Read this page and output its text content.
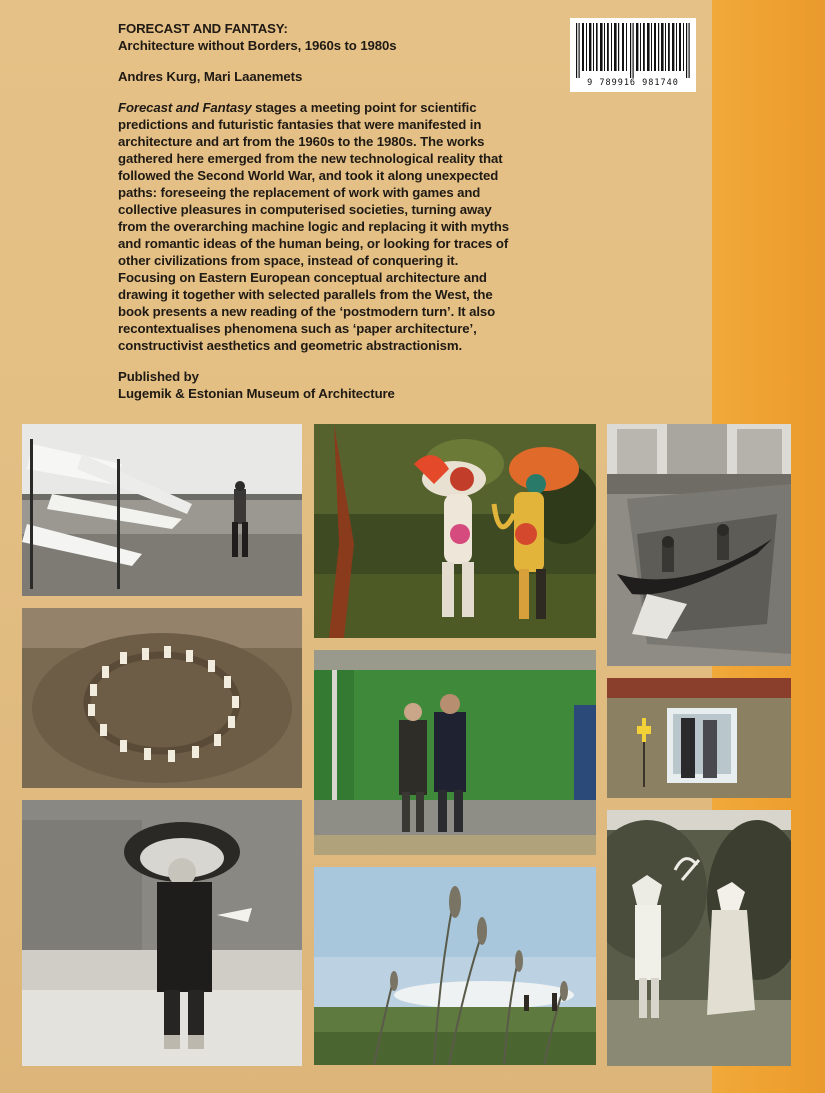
FORECAST AND FANTASY:

Architecture without Borders, 1960s to 1980s

Andres Kurg, Mari Laanemets

Forecast and Fantasy stages a meeting point for scientific predictions and futuristic fantasies that were manifested in architecture and art from the 1960s to the 1980s. The works gathered here emerged from the new technological reality that followed the Second World War, and took it along unexpected paths: foreseeing the replacement of work with games and collective pleasures in computerised societies, turning away from the overarching machine logic and replacing it with myths and romantic ideas of the human being, or looking for traces of other civilizations from space, instead of conquering it. Focusing on Eastern European conceptual architecture and drawing it together with selected parallels from the West, the book presents a new reading of the ‘postmodern turn’. It also recontextualises phenomena such as ‘paper architecture’, constructivist aesthetics and geometric abstractionism.

Published by

Lugemik & Estonian Museum of Architecture

9 789916 981740
